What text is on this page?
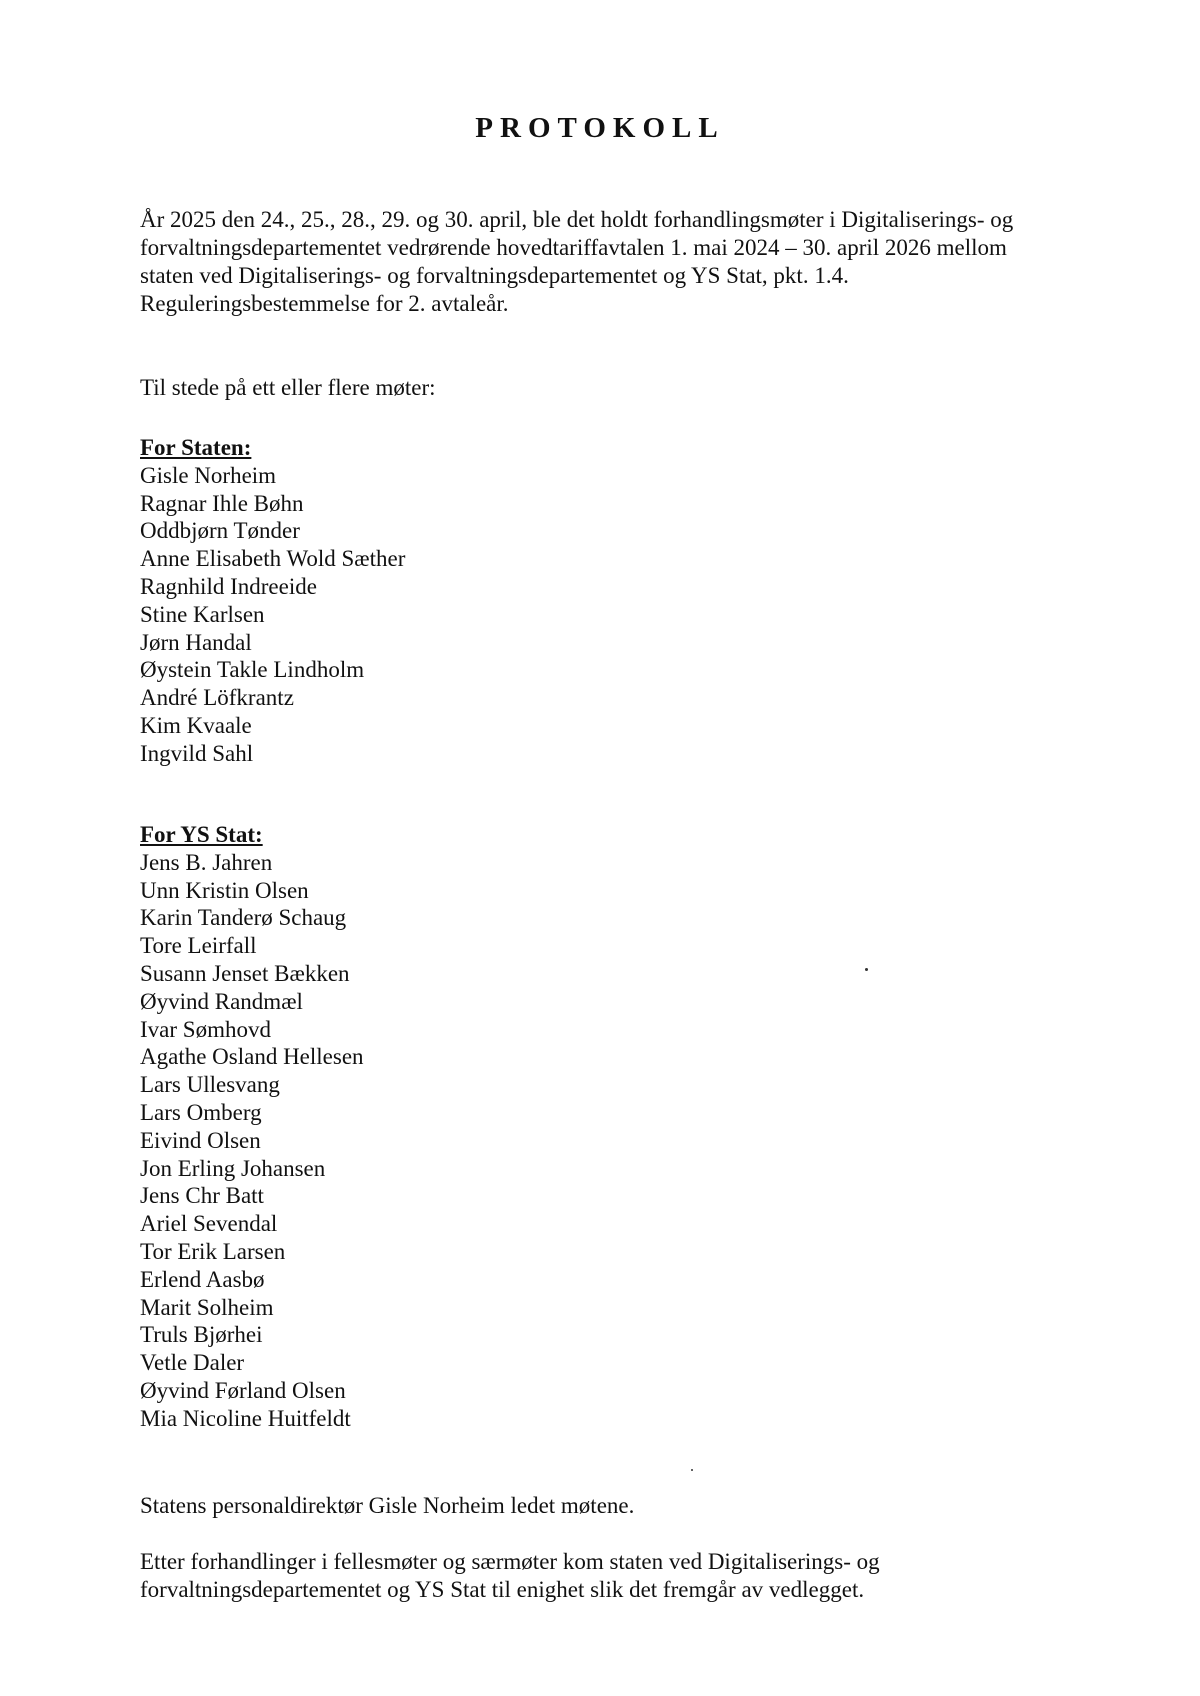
PROTOKOLL

År 2025 den 24., 25., 28., 29. og 30. april, ble det holdt forhandlingsmøter i Digitaliserings- og forvaltningsdepartementet vedrørende hovedtariffavtalen 1. mai 2024 – 30. april 2026 mellom staten ved Digitaliserings- og forvaltningsdepartementet og YS Stat, pkt. 1.4. Reguleringsbestemmelse for 2. avtaleår.

Til stede på ett eller flere møter:

For Staten:
Gisle Norheim
Ragnar Ihle Bøhn
Oddbjørn Tønder
Anne Elisabeth Wold Sæther
Ragnhild Indreeide
Stine Karlsen
Jørn Handal
Øystein Takle Lindholm
André Löfkrantz
Kim Kvaale
Ingvild Sahl
For YS Stat:
Jens B. Jahren
Unn Kristin Olsen
Karin Tanderø Schaug
Tore Leirfall
Susann Jenset Bækken
Øyvind Randmæl
Ivar Sømhovd
Agathe Osland Hellesen
Lars Ullesvang
Lars Omberg
Eivind Olsen
Jon Erling Johansen
Jens Chr Batt
Ariel Sevendal
Tor Erik Larsen
Erlend Aasbø
Marit Solheim
Truls Bjørhei
Vetle Daler
Øyvind Førland Olsen
Mia Nicoline Huitfeldt

Statens personaldirektør Gisle Norheim ledet møtene.

Etter forhandlinger i fellesmøter og særmøter kom staten ved Digitaliserings- og forvaltningsdepartementet og YS Stat til enighet slik det fremgår av vedlegget.
